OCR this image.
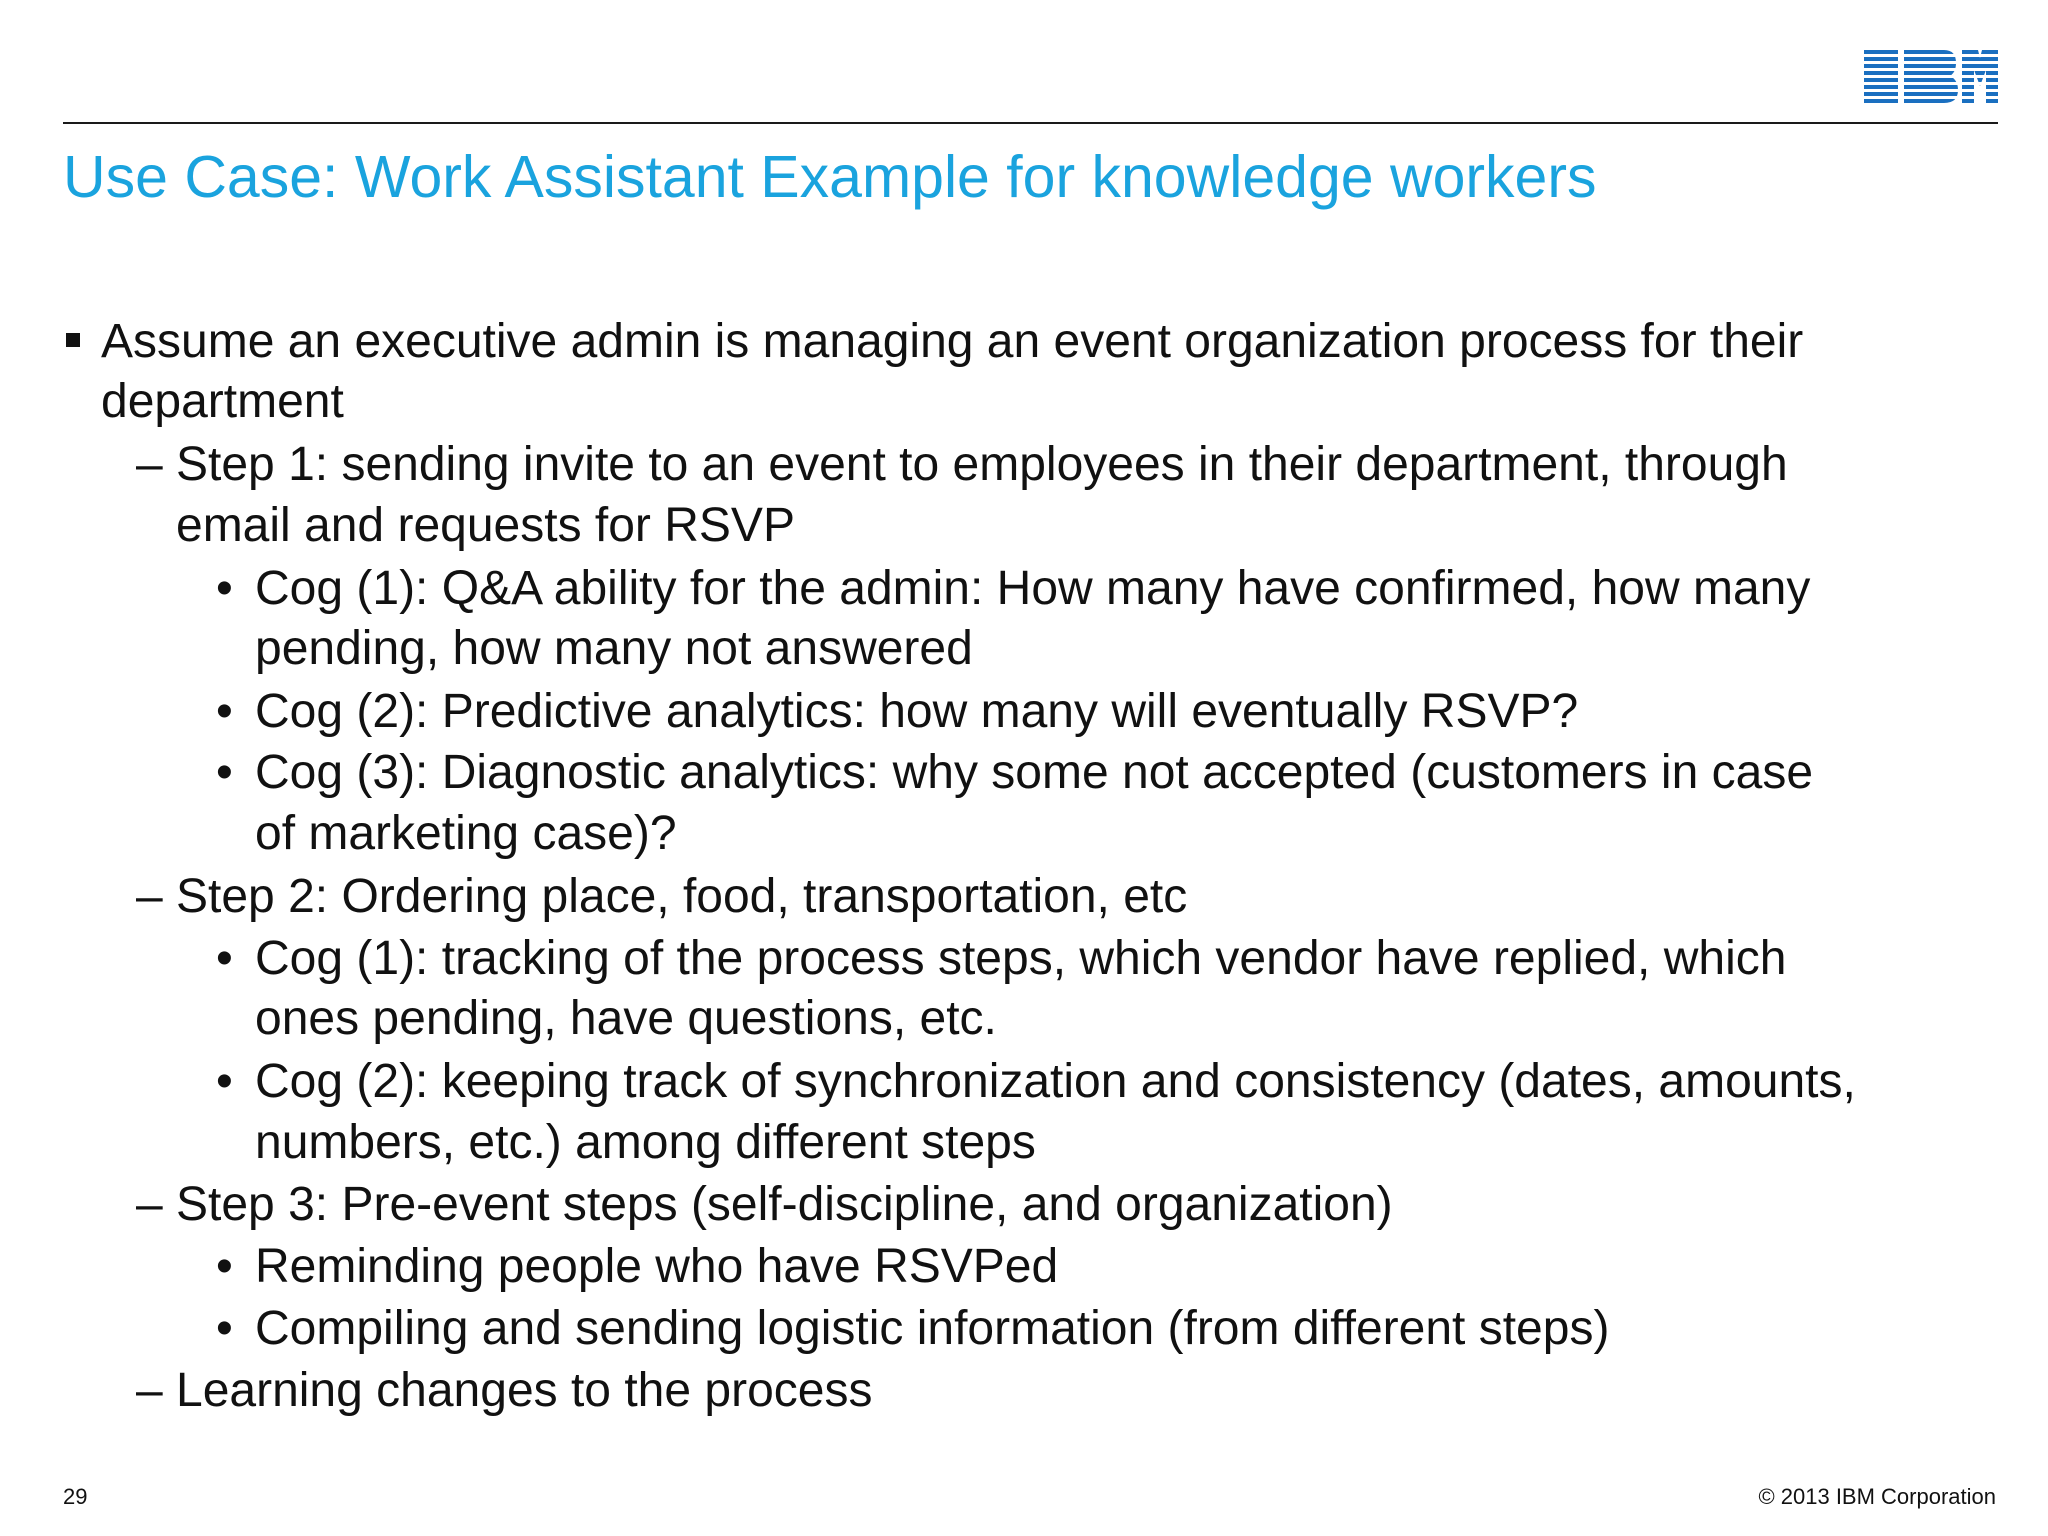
Use Case: Work Assistant Example for knowledge workers
Assume an executive admin is managing an event organization process for their
department
– Step 1: sending invite to an event to employees in their department, through
email and requests for RSVP
• Cog (1): Q&A ability for the admin: How many have confirmed, how many
pending, how many not answered
• Cog (2): Predictive analytics: how many will eventually RSVP?
• Cog (3): Diagnostic analytics: why some not accepted (customers in case
of marketing case)?
– Step 2: Ordering place, food, transportation, etc
• Cog (1): tracking of the process steps, which vendor have replied, which
ones pending, have questions, etc.
• Cog (2): keeping track of synchronization and consistency (dates, amounts,
numbers, etc.) among different steps
– Step 3: Pre-event steps (self-discipline, and organization)
• Reminding people who have RSVPed
• Compiling and sending logistic information (from different steps)
– Learning changes to the process
29	© 2013 IBM Corporation
